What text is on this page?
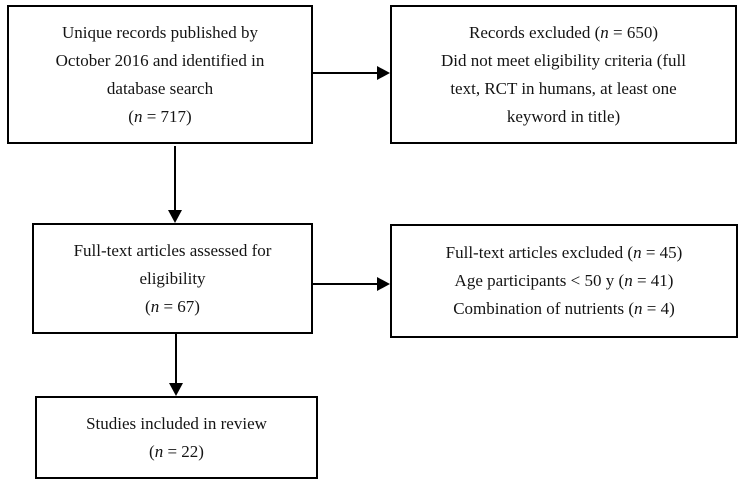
Unique records published by
October 2016 and identified in
database search
(n = 717)
Records excluded (n = 650)
Did not meet eligibility criteria (full
text, RCT in humans, at least one
keyword in title)
Full-text articles assessed for
eligibility
(n = 67)
Full-text articles excluded (n = 45)
Age participants < 50 y (n = 41)
Combination of nutrients (n = 4)
Studies included in review
(n = 22)
